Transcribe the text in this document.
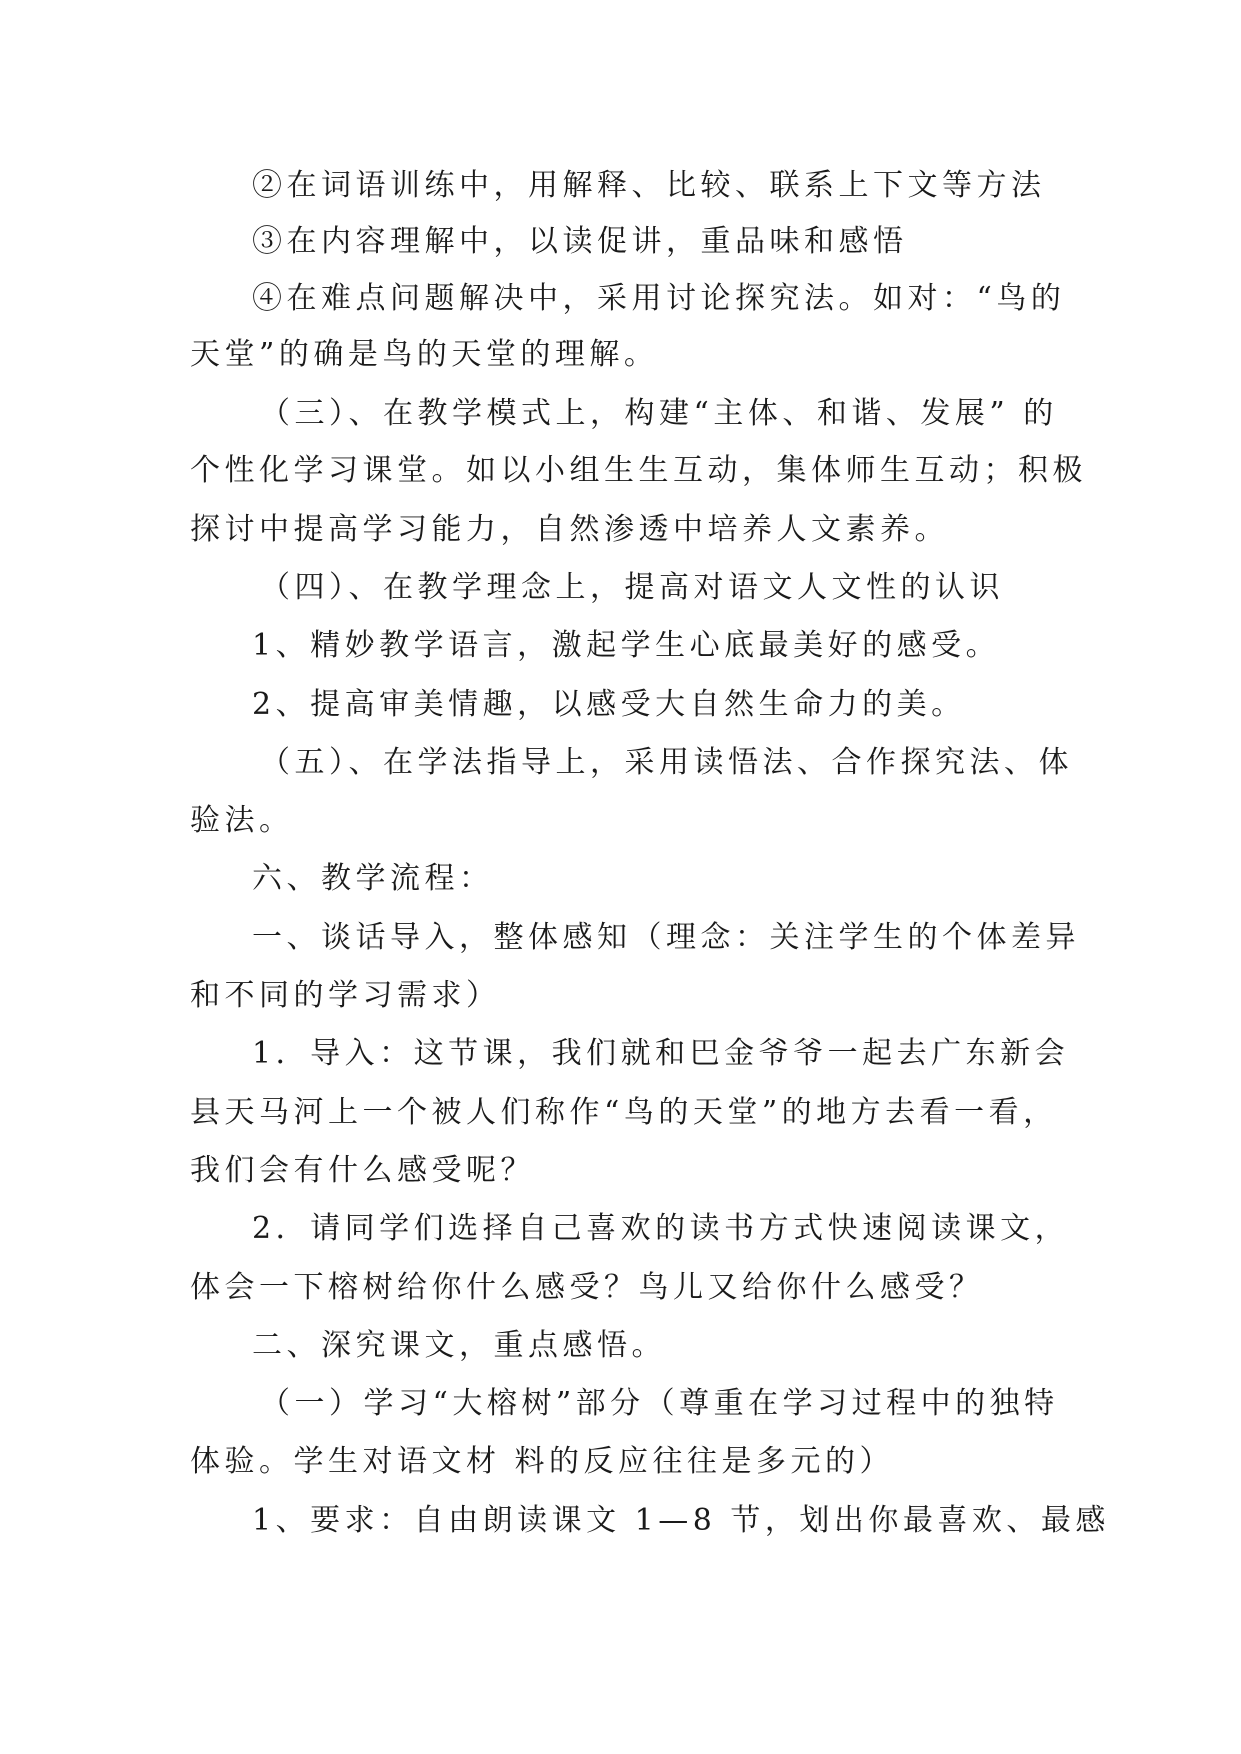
②在词语训练中，用解释、比较、联系上下文等方法
③在内容理解中，以读促讲，重品味和感悟
④在难点问题解决中，采用讨论探究法。如对：“鸟的
天堂”的确是鸟的天堂的理解。
（三）、在教学模式上，构建“主体、和谐、发展” 的
个性化学习课堂。如以小组生生互动，集体师生互动；积极
探讨中提高学习能力，自然渗透中培养人文素养。
（四）、在教学理念上，提高对语文人文性的认识
1、精妙教学语言，激起学生心底最美好的感受。
2、提高审美情趣，以感受大自然生命力的美。
（五）、在学法指导上，采用读悟法、合作探究法、体
验法。
六、教学流程：
一、谈话导入，整体感知（理念：关注学生的个体差异
和不同的学习需求）
1．导入：这节课，我们就和巴金爷爷一起去广东新会
县天马河上一个被人们称作“鸟的天堂”的地方去看一看，
我们会有什么感受呢？
2．请同学们选择自己喜欢的读书方式快速阅读课文，
体会一下榕树给你什么感受？鸟儿又给你什么感受？
二、深究课文，重点感悟。
（一）学习“大榕树”部分（尊重在学习过程中的独特
体验。学生对语文材 料的反应往往是多元的）
1、要求：自由朗读课文 1—8 节，划出你最喜欢、最感
